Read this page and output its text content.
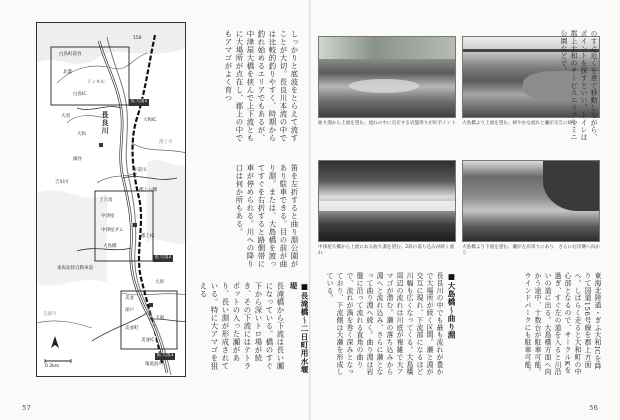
拡大図1
拡大図2
拡大図3
長良川
白鳥町前谷
北濃
トンネル
白鳥IC
156
大羽
大和
大和IC
郡上市
細谷
牛道川
吉田川
郡上八幡
上穴馬
中津屋
中津屋ダム
郡上IC
大島橋
東海北陸自動車道
大原
美並
深戸
下洞
美並町
美並IC
美濃市
亀尾島川
0 2km
しっかりと底波をとらえて流すことが大切。長良川本流の中では比較的釣りやすく、時期から釣れ始めるエリアでもあるが、中津屋大橋を挟んで上下流ともに大場所が点在し、郡上の中でもアマゴがよく育つ
笛を左折すると曲り淵公園があり駐車できる。目の前が曲り淵。または、大島橋を渡ってすぐを右折すると路側帯に車が停められる。川への降り口は何か所もある。
■長滝橋〜二日町用水堰堤
長滝橋から下流は長い瀬になっている。橋のすぐ下から深いトロ場が続き、その下流にはテトラポットの入った瀬があり、長い淵が形成されている。特に大アマゴを狙える
57
曲り淵から上流を望む。流れの中に点在する岩盤周りが好ポイント 大島橋より上流を望む。緩やかな流れと瀬が交互に続く
中津屋大橋から上流にある曲り淵を望む。2段の落ち込みが続く流れ
大島橋より下流を望む。瀬が左岸寄りにあり、さらに右岸側へ向かう
のすぐ近くを車で移動しながら、ポイントを探すといい。トイレは郡上大和のサービスエリアやミニ公園などで。
東海北陸道・ぎふ大和ICを降りて国道156号線を郡上方面へ。しばらく走ると大和町の中心部となるので、サークルKを過ぎ、すぐ左の道を入ると川沿いの道に出る。大島橋方面へ向かう途中、十数台が駐車可能。ウインドパークにも駐車可能。
■大島橋〜曲り淵
長良川の中でも最も流れが豊かで大場所が続く区間。瀬と淵が交互に現れ、下流部になるほど川幅も広くなってくる。大島橋周辺の流れは川底が複雑で大アマゴが潜む。瀬の落ち込みから淵へと流れ込み、さらに瀬となって曲り淵へ続く。曲り淵は岩盤に沿って流れる直角の曲りで、流れが渦を巻く深みとなっており、下流側は大瀬を形成している。
56
